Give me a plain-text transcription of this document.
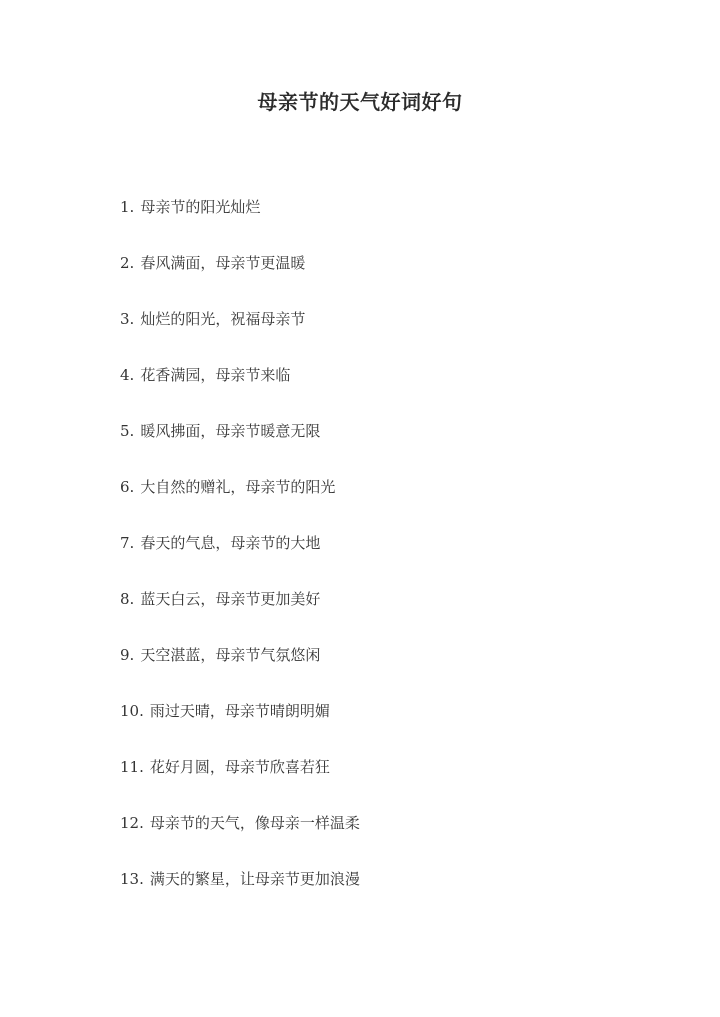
母亲节的天气好词好句
1. 母亲节的阳光灿烂
2. 春风满面，母亲节更温暖
3. 灿烂的阳光，祝福母亲节
4. 花香满园，母亲节来临
5. 暖风拂面，母亲节暖意无限
6. 大自然的赠礼，母亲节的阳光
7. 春天的气息，母亲节的大地
8. 蓝天白云，母亲节更加美好
9. 天空湛蓝，母亲节气氛悠闲
10. 雨过天晴，母亲节晴朗明媚
11. 花好月圆，母亲节欣喜若狂
12. 母亲节的天气，像母亲一样温柔
13. 满天的繁星，让母亲节更加浪漫
